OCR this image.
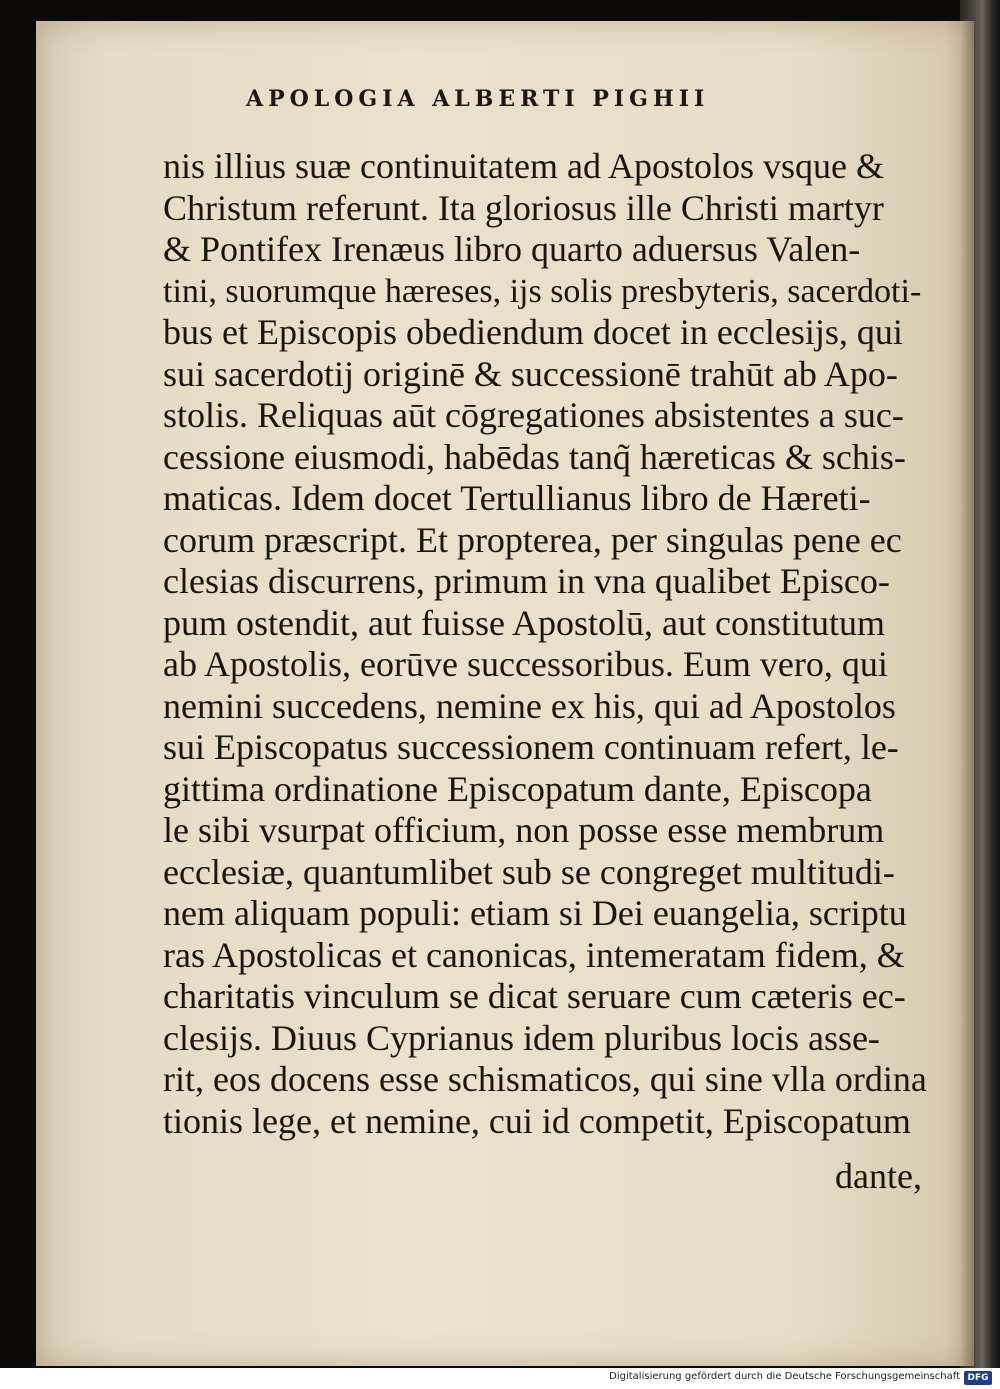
APOLOGIA ALBERTI PIGHII
nis illius suæ continuitatem ad Apostolos vsque &
Christum referunt. Ita gloriosus ille Christi martyr
& Pontifex Irenæus libro quarto aduersus Valen-
tini, suorumque hæreses, ijs solis presbyteris, sacerdoti-
bus et Episcopis obediendum docet in ecclesijs, qui
sui sacerdotij originē & successionē trahūt ab Apo-
stolis. Reliquas aūt cōgregationes absistentes a suc-
cessione eiusmodi, habēdas tanq̃ hæreticas & schis-
maticas. Idem docet Tertullianus libro de Hæreti-
corum præscript. Et propterea, per singulas pene ec
clesias discurrens, primum in vna qualibet Episco-
pum ostendit, aut fuisse Apostolū, aut constitutum
ab Apostolis, eorūve successoribus. Eum vero, qui
nemini succedens, nemine ex his, qui ad Apostolos
sui Episcopatus successionem continuam refert, le-
gittima ordinatione Episcopatum dante, Episcopa
le sibi vsurpat officium, non posse esse membrum
ecclesiæ, quantumlibet sub se congreget multitudi-
nem aliquam populi: etiam si Dei euangelia, scriptu
ras Apostolicas et canonicas, intemeratam fidem, &
charitatis vinculum se dicat seruare cum cæteris ec-
clesijs. Diuus Cyprianus idem pluribus locis asse-
rit, eos docens esse schismaticos, qui sine vlla ordina
tionis lege, et nemine, cui id competit, Episcopatum
dante,
Digitalisierung gefördert durch die Deutsche Forschungsgemeinschaft DFG
